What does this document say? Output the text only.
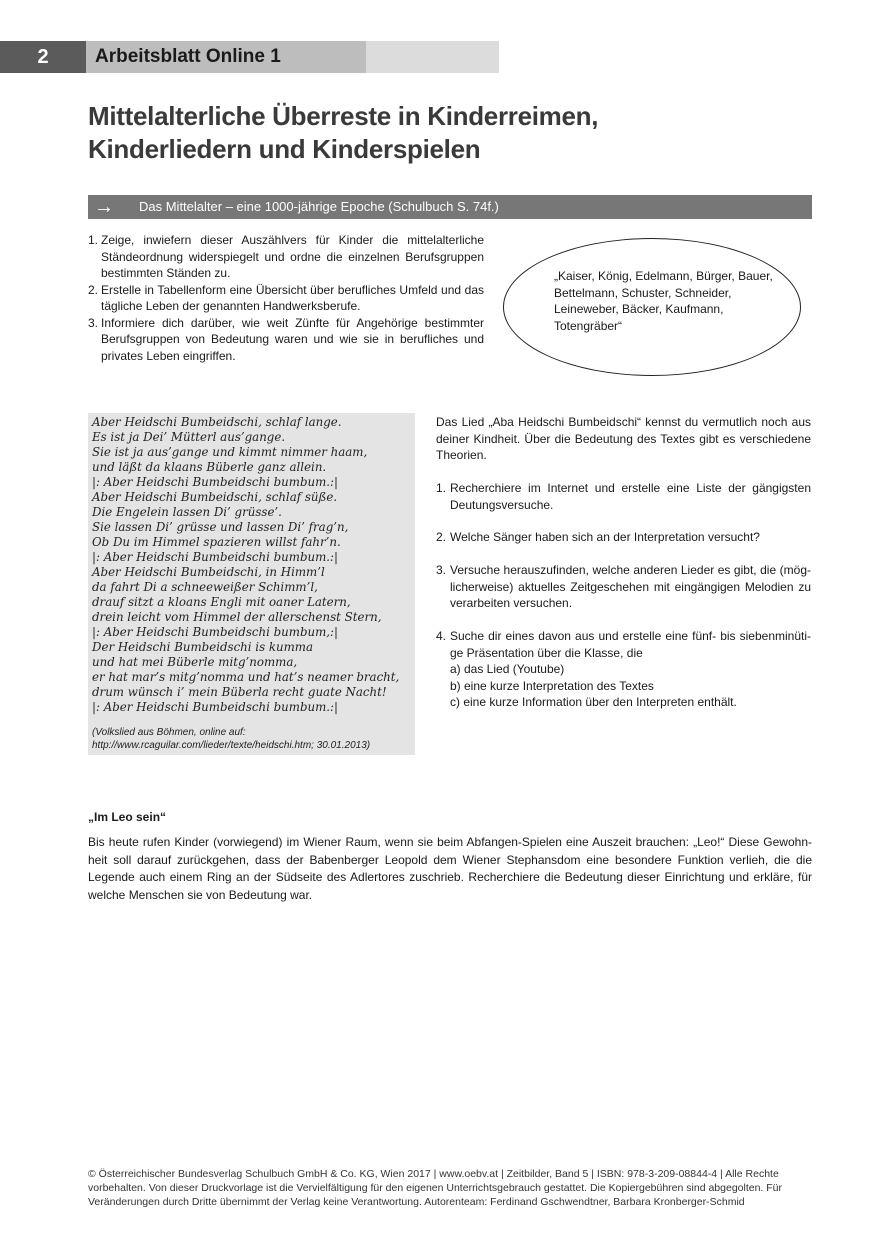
2	Arbeitsblatt Online 1
Mittelalterliche Überreste in Kinderreimen,
Kinderliedern und Kinderspielen
→ Das Mittelalter – eine 1000-jährige Epoche (Schulbuch S. 74f.)
1. Zeige, inwiefern dieser Auszählvers für Kinder die mittelalterliche Ständeordnung widerspiegelt und ordne die einzelnen Berufsgruppen bestimmten Ständen zu.
2. Erstelle in Tabellenform eine Übersicht über berufliches Umfeld und das tägliche Leben der genannten Handwerksberufe.
3. Informiere dich darüber, wie weit Zünfte für Angehörige bestimmter Berufsgruppen von Bedeutung waren und wie sie in berufliches und privates Leben eingriffen.
„Kaiser, König, Edelmann, Bürger, Bauer, Bettelmann, Schuster, Schneider, Leineweber, Bäcker, Kaufmann, Totengräber“
Aber Heidschi Bumbeidschi, schlaf lange.
Es ist ja Dei’ Mütterl aus’gange.
Sie ist ja aus’gange und kimmt nimmer haam,
und läßt da klaans Büberle ganz allein.
|: Aber Heidschi Bumbeidschi bumbum.:|
Aber Heidschi Bumbeidschi, schlaf süße.
Die Engelein lassen Di’ grüsse’.
Sie lassen Di’ grüsse und lassen Di’ frag’n,
Ob Du im Himmel spazieren willst fahr’n.
|: Aber Heidschi Bumbeidschi bumbum.:|
Aber Heidschi Bumbeidschi, in Himm’l
da fahrt Di a schneeweißer Schimm’l,
drauf sitzt a kloans Engli mit oaner Latern,
drein leicht vom Himmel der allerschenst Stern,
|: Aber Heidschi Bumbeidschi bumbum,:|
Der Heidschi Bumbeidschi is kumma
und hat mei Büberle mitg’nomma,
er hat mar’s mitg’nomma und hat’s neamer bracht,
drum wünsch i’ mein Büberla recht guate Nacht!
|: Aber Heidschi Bumbeidschi bumbum.:|
(Volkslied aus Böhmen, online auf:
http://www.rcaguilar.com/lieder/texte/heidschi.htm; 30.01.2013)
Das Lied „Aba Heidschi Bumbeidschi“ kennst du vermutlich noch aus deiner Kindheit. Über die Bedeutung des Textes gibt es verschiedene Theorien.
1. Recherchiere im Internet und erstelle eine Liste der gängigsten Deutungsversuche.
2. Welche Sänger haben sich an der Interpretation versucht?
3. Versuche herauszufinden, welche anderen Lieder es gibt, die (möglicherweise) aktuelles Zeitgeschehen mit eingängigen Melodien zu verarbeiten versuchen.
4. Suche dir eines davon aus und erstelle eine fünf- bis siebenminütige Präsentation über die Klasse, die
a) das Lied (Youtube)
b) eine kurze Interpretation des Textes
c) eine kurze Information über den Interpreten enthält.
„Im Leo sein“
Bis heute rufen Kinder (vorwiegend) im Wiener Raum, wenn sie beim Abfangen-Spielen eine Auszeit brauchen: „Leo!“ Diese Gewohnheit soll darauf zurückgehen, dass der Babenberger Leopold dem Wiener Stephansdom eine besondere Funktion verlieh, die die Legende auch einem Ring an der Südseite des Adlertores zuschrieb. Recherchiere die Bedeutung dieser Einrichtung und erkläre, für welche Menschen sie von Bedeutung war.
© Österreichischer Bundesverlag Schulbuch GmbH & Co. KG, Wien 2017 | www.oebv.at | Zeitbilder, Band 5 | ISBN: 978-3-209-08844-4 | Alle Rechte vorbehalten. Von dieser Druckvorlage ist die Vervielfältigung für den eigenen Unterrichtsgebrauch gestattet. Die Kopiergebühren sind abgegolten. Für Veränderungen durch Dritte übernimmt der Verlag keine Verantwortung. Autorenteam: Ferdinand Gschwendtner, Barbara Kronberger-Schmid
